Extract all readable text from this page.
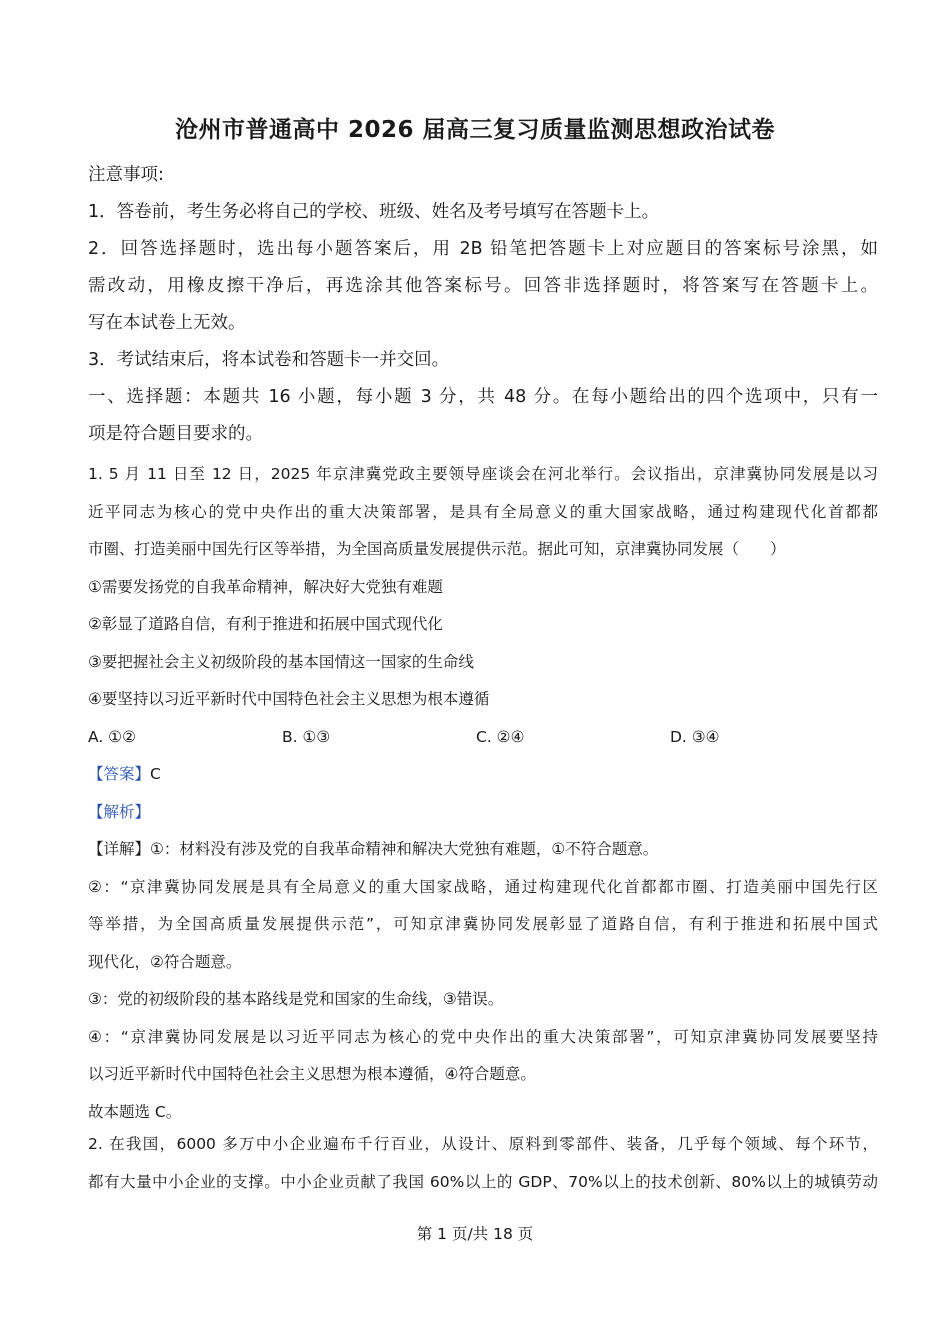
沧州市普通高中 2026 届高三复习质量监测思想政治试卷
注意事项:
1．答卷前，考生务必将自己的学校、班级、姓名及考号填写在答题卡上。
2．回答选择题时，选出每小题答案后，用 2B 铅笔把答题卡上对应题目的答案标号涂黑，如
需改动，用橡皮擦干净后，再选涂其他答案标号。回答非选择题时，将答案写在答题卡上。
写在本试卷上无效。
3．考试结束后，将本试卷和答题卡一并交回。
一、选择题：本题共 16 小题，每小题 3 分，共 48 分。在每小题给出的四个选项中，只有一
项是符合题目要求的。
1. 5 月 11 日至 12 日，2025 年京津冀党政主要领导座谈会在河北举行。会议指出，京津冀协同发展是以习
近平同志为核心的党中央作出的重大决策部署，是具有全局意义的重大国家战略，通过构建现代化首都都
市圈、打造美丽中国先行区等举措，为全国高质量发展提供示范。据此可知，京津冀协同发展（　　）
①需要发扬党的自我革命精神，解决好大党独有难题
②彰显了道路自信，有利于推进和拓展中国式现代化
③要把握社会主义初级阶段的基本国情这一国家的生命线
④要坚持以习近平新时代中国特色社会主义思想为根本遵循
A. ①②	B. ①③	C. ②④	D. ③④
【答案】C
【解析】
【详解】①：材料没有涉及党的自我革命精神和解决大党独有难题，①不符合题意。
②：“京津冀协同发展是具有全局意义的重大国家战略，通过构建现代化首都都市圈、打造美丽中国先行区
等举措，为全国高质量发展提供示范”，可知京津冀协同发展彰显了道路自信，有利于推进和拓展中国式
现代化，②符合题意。
③：党的初级阶段的基本路线是党和国家的生命线，③错误。
④：“京津冀协同发展是以习近平同志为核心的党中央作出的重大决策部署”，可知京津冀协同发展要坚持
以习近平新时代中国特色社会主义思想为根本遵循，④符合题意。
故本题选 C。
2. 在我国，6000 多万中小企业遍布千行百业，从设计、原料到零部件、装备，几乎每个领域、每个环节，
都有大量中小企业的支撑。中小企业贡献了我国 60%以上的 GDP、70%以上的技术创新、80%以上的城镇劳动
第 1 页/共 18 页
